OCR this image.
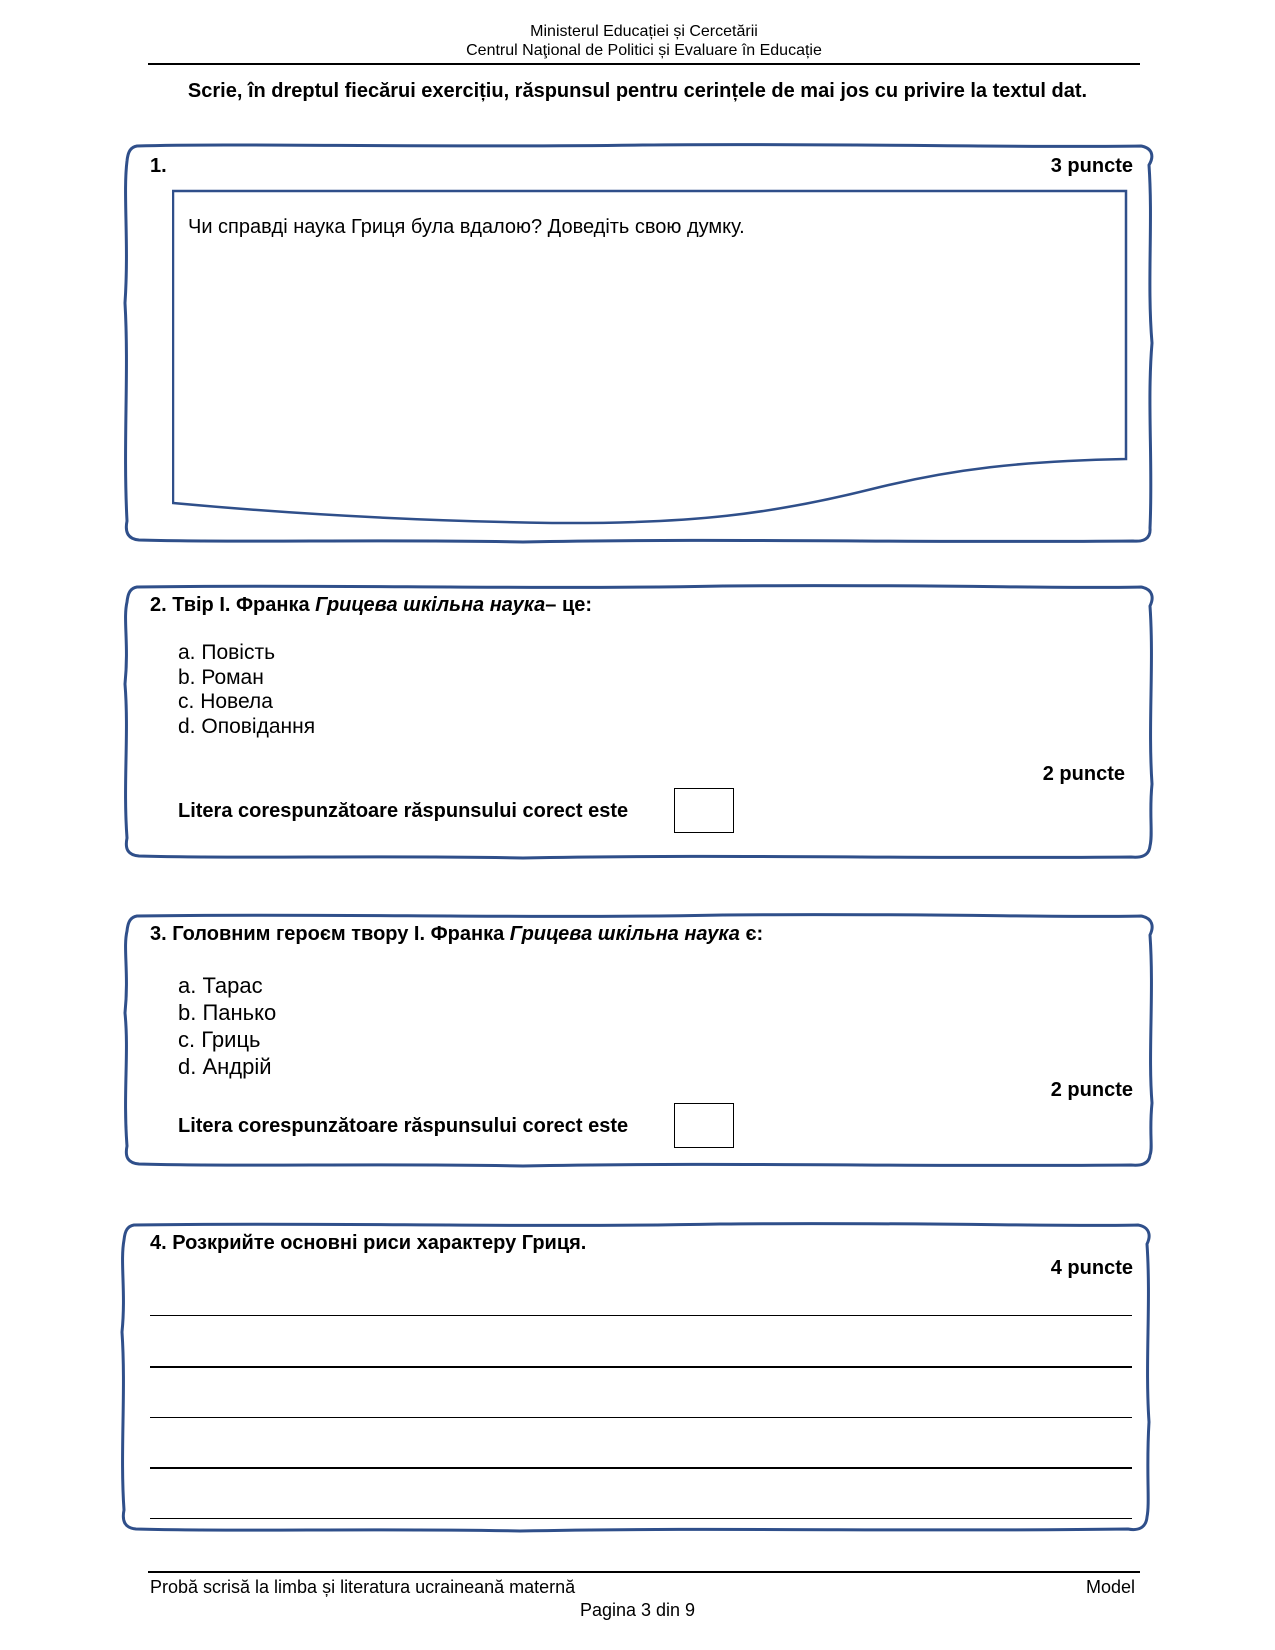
Ministerul Educației și Cercetării
Centrul Naţional de Politici și Evaluare în Educație
Scrie, în dreptul fiecărui exercițiu, răspunsul pentru cerințele de mai jos cu privire la textul dat.
1.	3 puncte
Чи справді наука Гриця була вдалою? Доведіть свою думку.
2. Твір І. Франка Грицева шкільна наука– це:
a. Повість
b. Роман
c. Новела
d. Оповідання
2 puncte
Litera corespunzătoare răspunsului corect este
3. Головним героєм твору І. Франка Грицева шкільна наука є:
a. Тарас
b. Панько
c. Гриць
d. Андрій
2 puncte
Litera corespunzătoare răspunsului corect este
4. Розкрийте основні риси характеру Гриця.
4 puncte
Probă scrisă la limba și literatura ucraineană maternă	Model
Pagina 3 din 9
